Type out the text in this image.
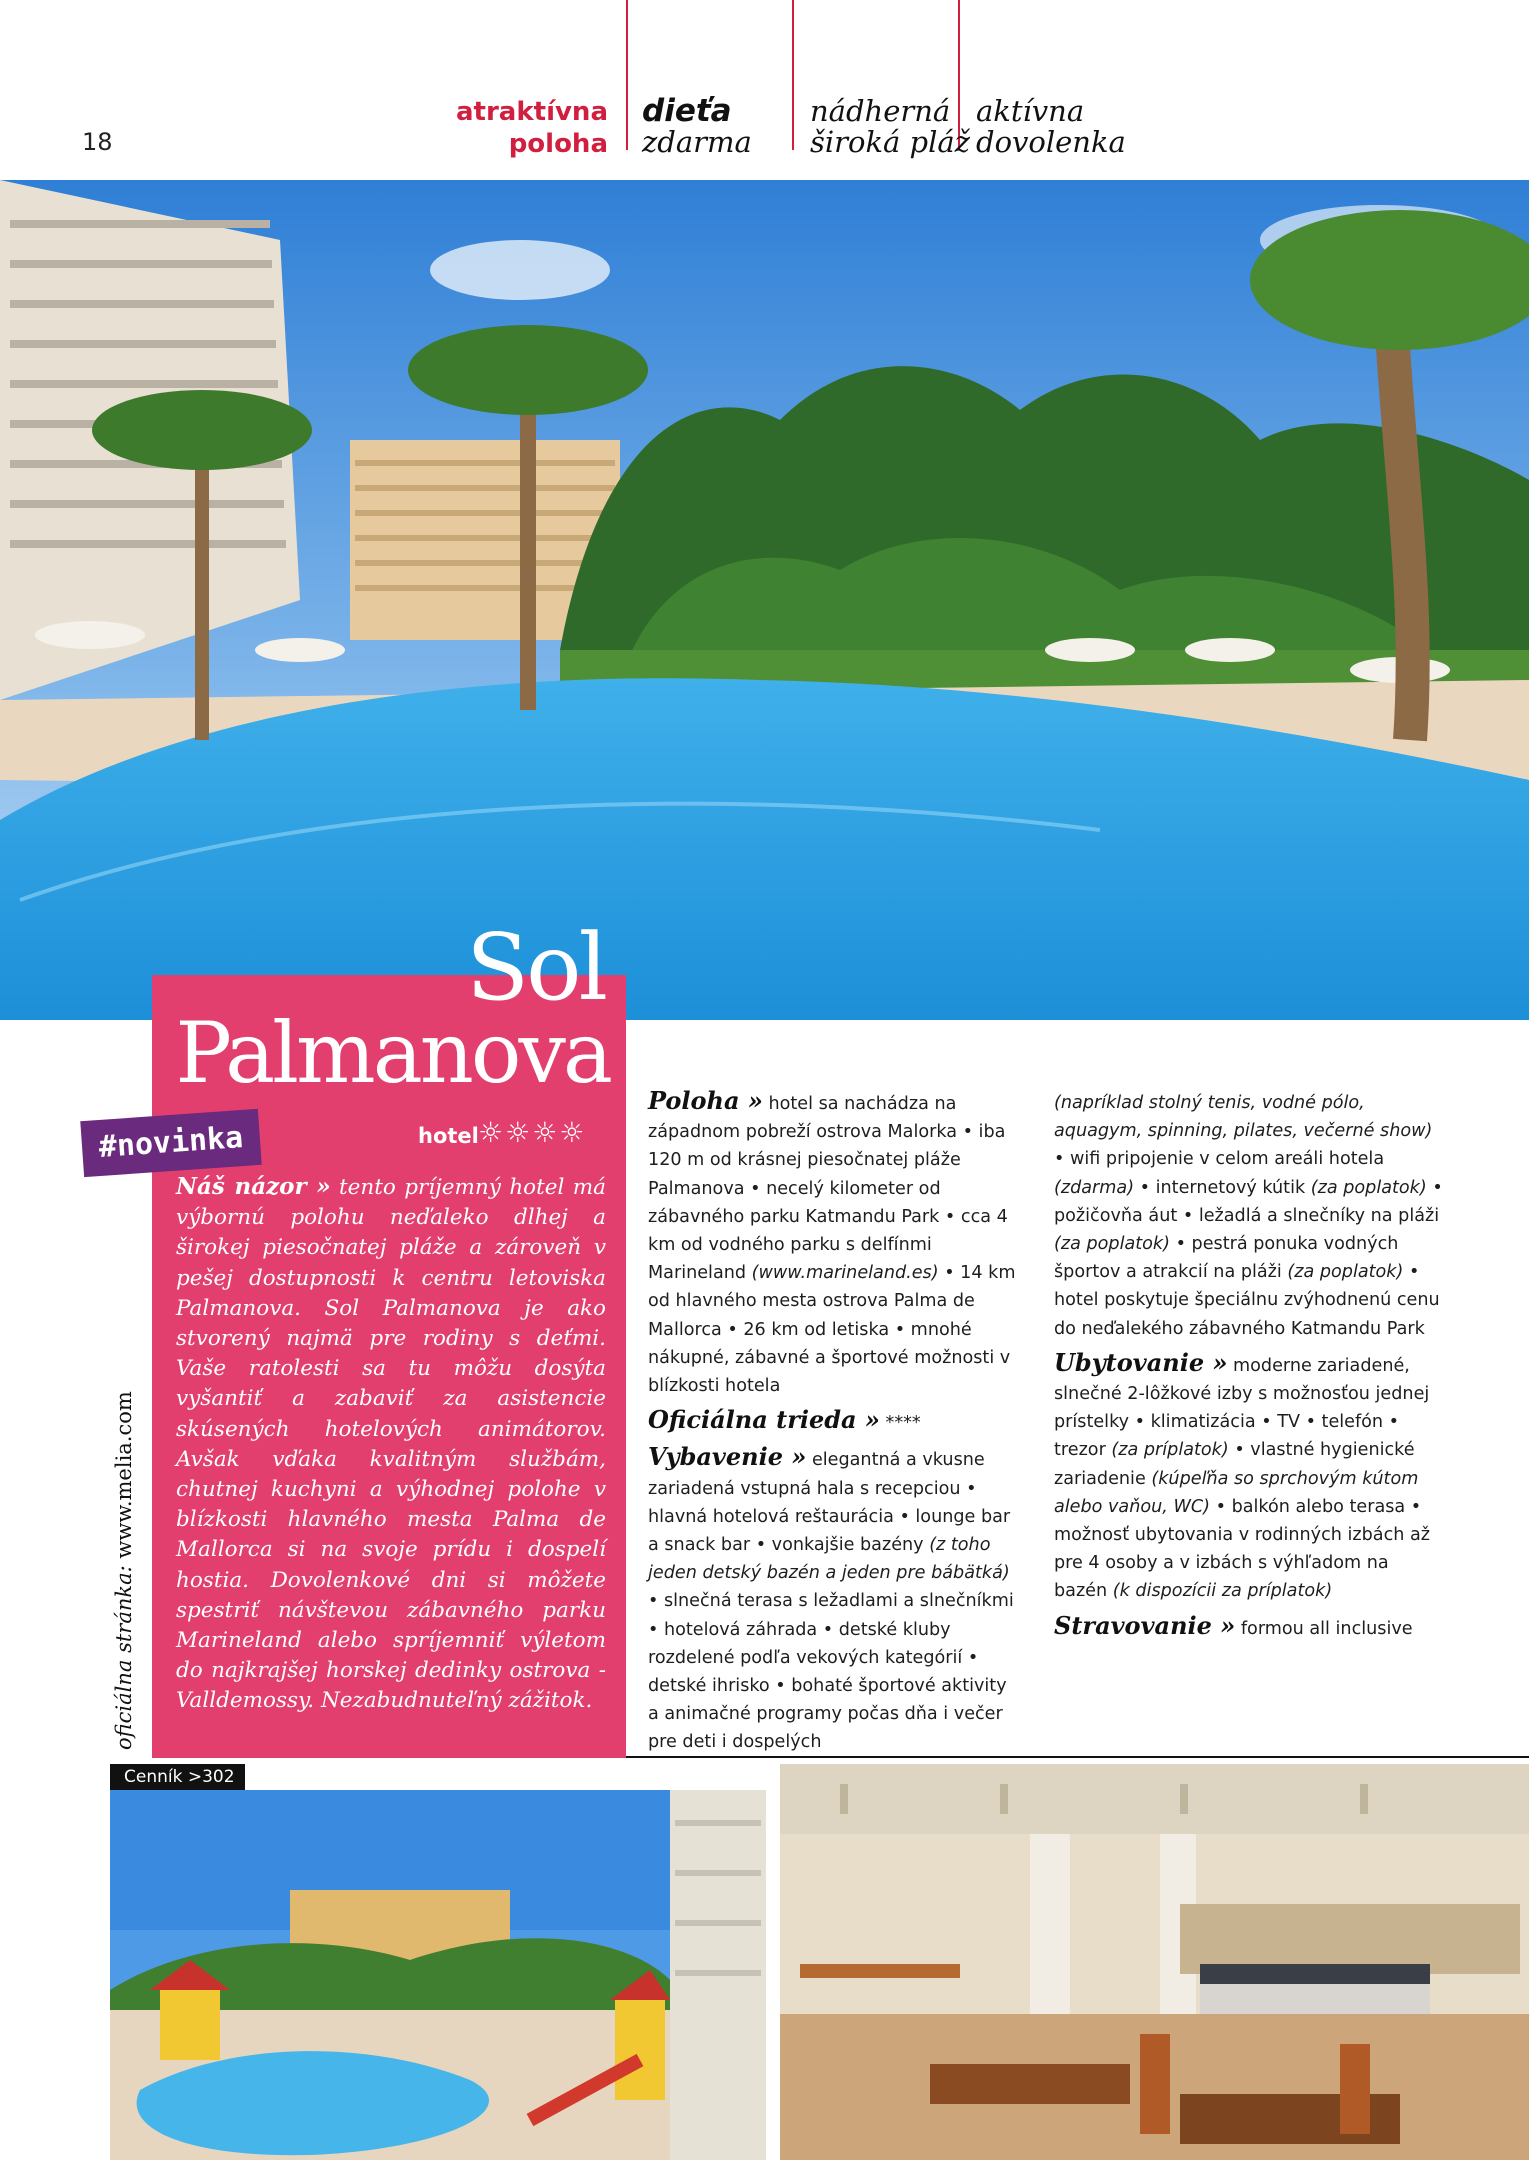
18
atraktívna
poloha
dieťa
zdarma
nádherná
široká pláž
aktívna
dovolenka
Sol
Palmanova
#novinka	hotel ☼☼☼☼
Náš názor » tento príjemný hotel má výbornú polohu neďaleko dlhej a širokej piesočnatej pláže a zároveň v pešej dostupnosti k centru letoviska Palmanova. Sol Palmanova je ako stvorený najmä pre rodiny s deťmi. Vaše ratolesti sa tu môžu dosýta vyšantiť a zabaviť za asistencie skúsených hotelových animátorov. Avšak vďaka kvalitným službám, chutnej kuchyni a výhodnej polohe v blízkosti hlavného mesta Palma de Mallorca si na svoje prídu i dospelí hostia. Dovolenkové dni si môžete spestriť návštevou zábavného parku Marineland alebo spríjemniť výletom do najkrajšej horskej dedinky ostrova - Valldemossy. Nezabudnuteľný zážitok.
oficiálna stránka: www.melia.com

Poloha » hotel sa nachádza na západnom pobreží ostrova Malorka • iba 120 m od krásnej piesočnatej pláže Palmanova • necelý kilometer od zábavného parku Katmandu Park • cca 4 km od vodného parku s delfínmi Marineland (www.marineland.es) • 14 km od hlavného mesta ostrova Palma de Mallorca • 26 km od letiska • mnohé nákupné, zábavné a športové možnosti v blízkosti hotela

Oficiálna trieda » ****

Vybavenie » elegantná a vkusne zariadená vstupná hala s recepciou • hlavná hotelová reštaurácia • lounge bar a snack bar • vonkajšie bazény (z toho jeden detský bazén a jeden pre bábätká) • slnečná terasa s ležadlami a slnečníkmi • hotelová záhrada • detské kluby rozdelené podľa vekových kategórií • detské ihrisko • bohaté športové aktivity a animačné programy počas dňa i večer pre deti i dospelých

(napríklad stolný tenis, vodné pólo, aquagym, spinning, pilates, večerné show) • wifi pripojenie v celom areáli hotela (zdarma) • internetový kútik (za poplatok) • požičovňa áut • ležadlá a slnečníky na pláži (za poplatok) • pestrá ponuka vodných športov a atrakcií na pláži (za poplatok) • hotel poskytuje špeciálnu zvýhodnenú cenu do neďalekého zábavného Katmandu Park

Ubytovanie » moderne zariadené, slnečné 2-lôžkové izby s možnosťou jednej prístelky • klimatizácia • TV • telefón • trezor (za príplatok) • vlastné hygienické zariadenie (kúpeľňa so sprchovým kútom alebo vaňou, WC) • balkón alebo terasa • možnosť ubytovania v rodinných izbách až pre 4 osoby a v izbách s výhľadom na bazén (k dispozícii za príplatok)

Stravovanie » formou all inclusive

Cenník >302
